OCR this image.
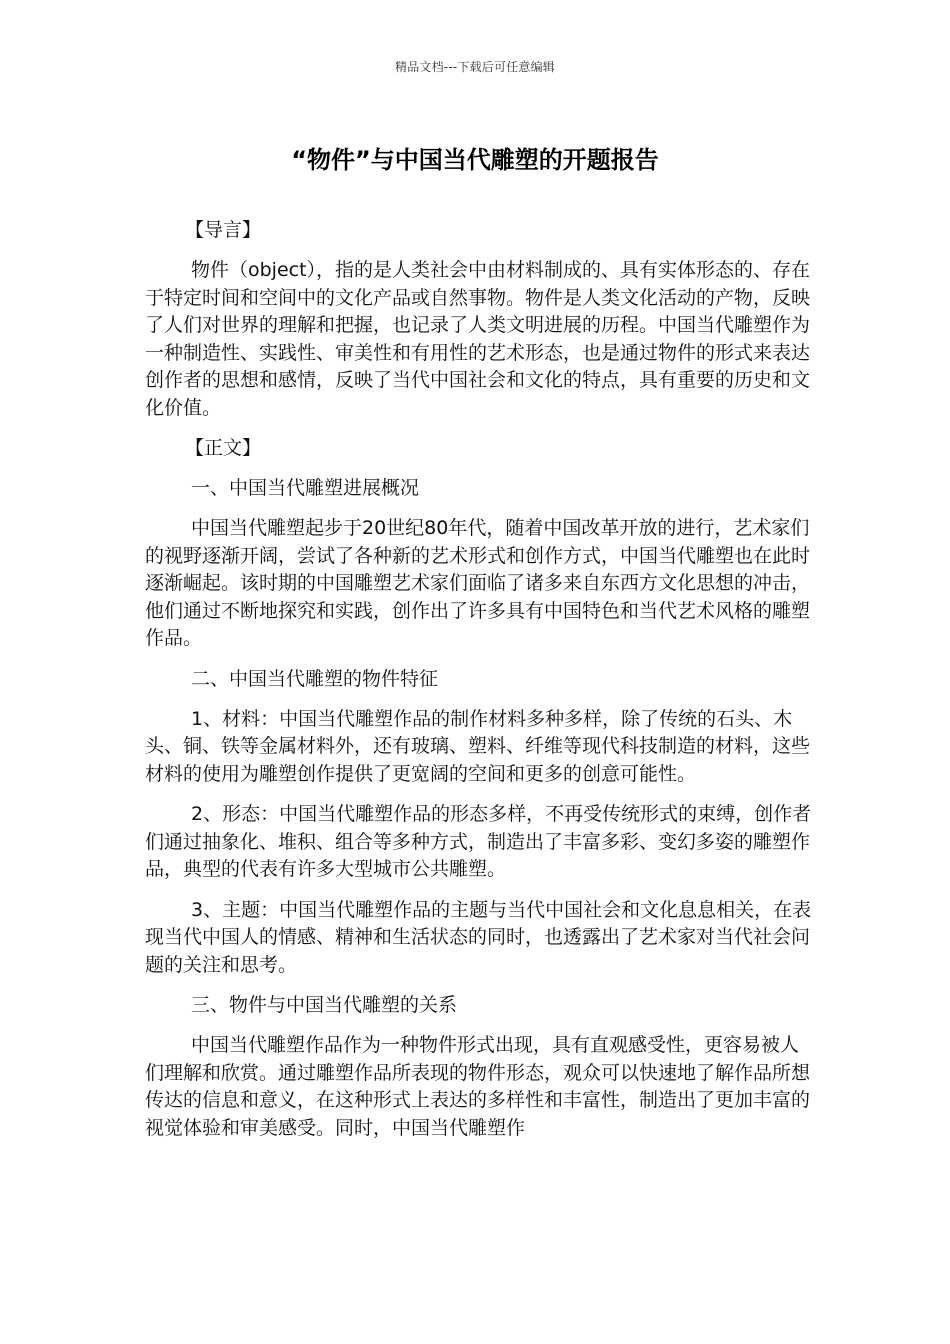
精品文档---下载后可任意编辑
“物件”与中国当代雕塑的开题报告

【导言】

物件（object），指的是人类社会中由材料制成的、具有实体形态的、存在于特定时间和空间中的文化产品或自然事物。物件是人类文化活动的产物，反映了人们对世界的理解和把握，也记录了人类文明进展的历程。中国当代雕塑作为一种制造性、实践性、审美性和有用性的艺术形态，也是通过物件的形式来表达创作者的思想和感情，反映了当代中国社会和文化的特点，具有重要的历史和文化价值。

【正文】

一、中国当代雕塑进展概况

中国当代雕塑起步于20世纪80年代，随着中国改革开放的进行，艺术家们的视野逐渐开阔，尝试了各种新的艺术形式和创作方式，中国当代雕塑也在此时逐渐崛起。该时期的中国雕塑艺术家们面临了诸多来自东西方文化思想的冲击，他们通过不断地探究和实践，创作出了许多具有中国特色和当代艺术风格的雕塑作品。

二、中国当代雕塑的物件特征

1、材料：中国当代雕塑作品的制作材料多种多样，除了传统的石头、木头、铜、铁等金属材料外，还有玻璃、塑料、纤维等现代科技制造的材料，这些材料的使用为雕塑创作提供了更宽阔的空间和更多的创意可能性。

2、形态：中国当代雕塑作品的形态多样，不再受传统形式的束缚，创作者们通过抽象化、堆积、组合等多种方式，制造出了丰富多彩、变幻多姿的雕塑作品，典型的代表有许多大型城市公共雕塑。

3、主题：中国当代雕塑作品的主题与当代中国社会和文化息息相关，在表现当代中国人的情感、精神和生活状态的同时，也透露出了艺术家对当代社会问题的关注和思考。

三、物件与中国当代雕塑的关系

中国当代雕塑作品作为一种物件形式出现，具有直观感受性，更容易被人们理解和欣赏。通过雕塑作品所表现的物件形态，观众可以快速地了解作品所想传达的信息和意义，在这种形式上表达的多样性和丰富性，制造出了更加丰富的视觉体验和审美感受。同时，中国当代雕塑作
